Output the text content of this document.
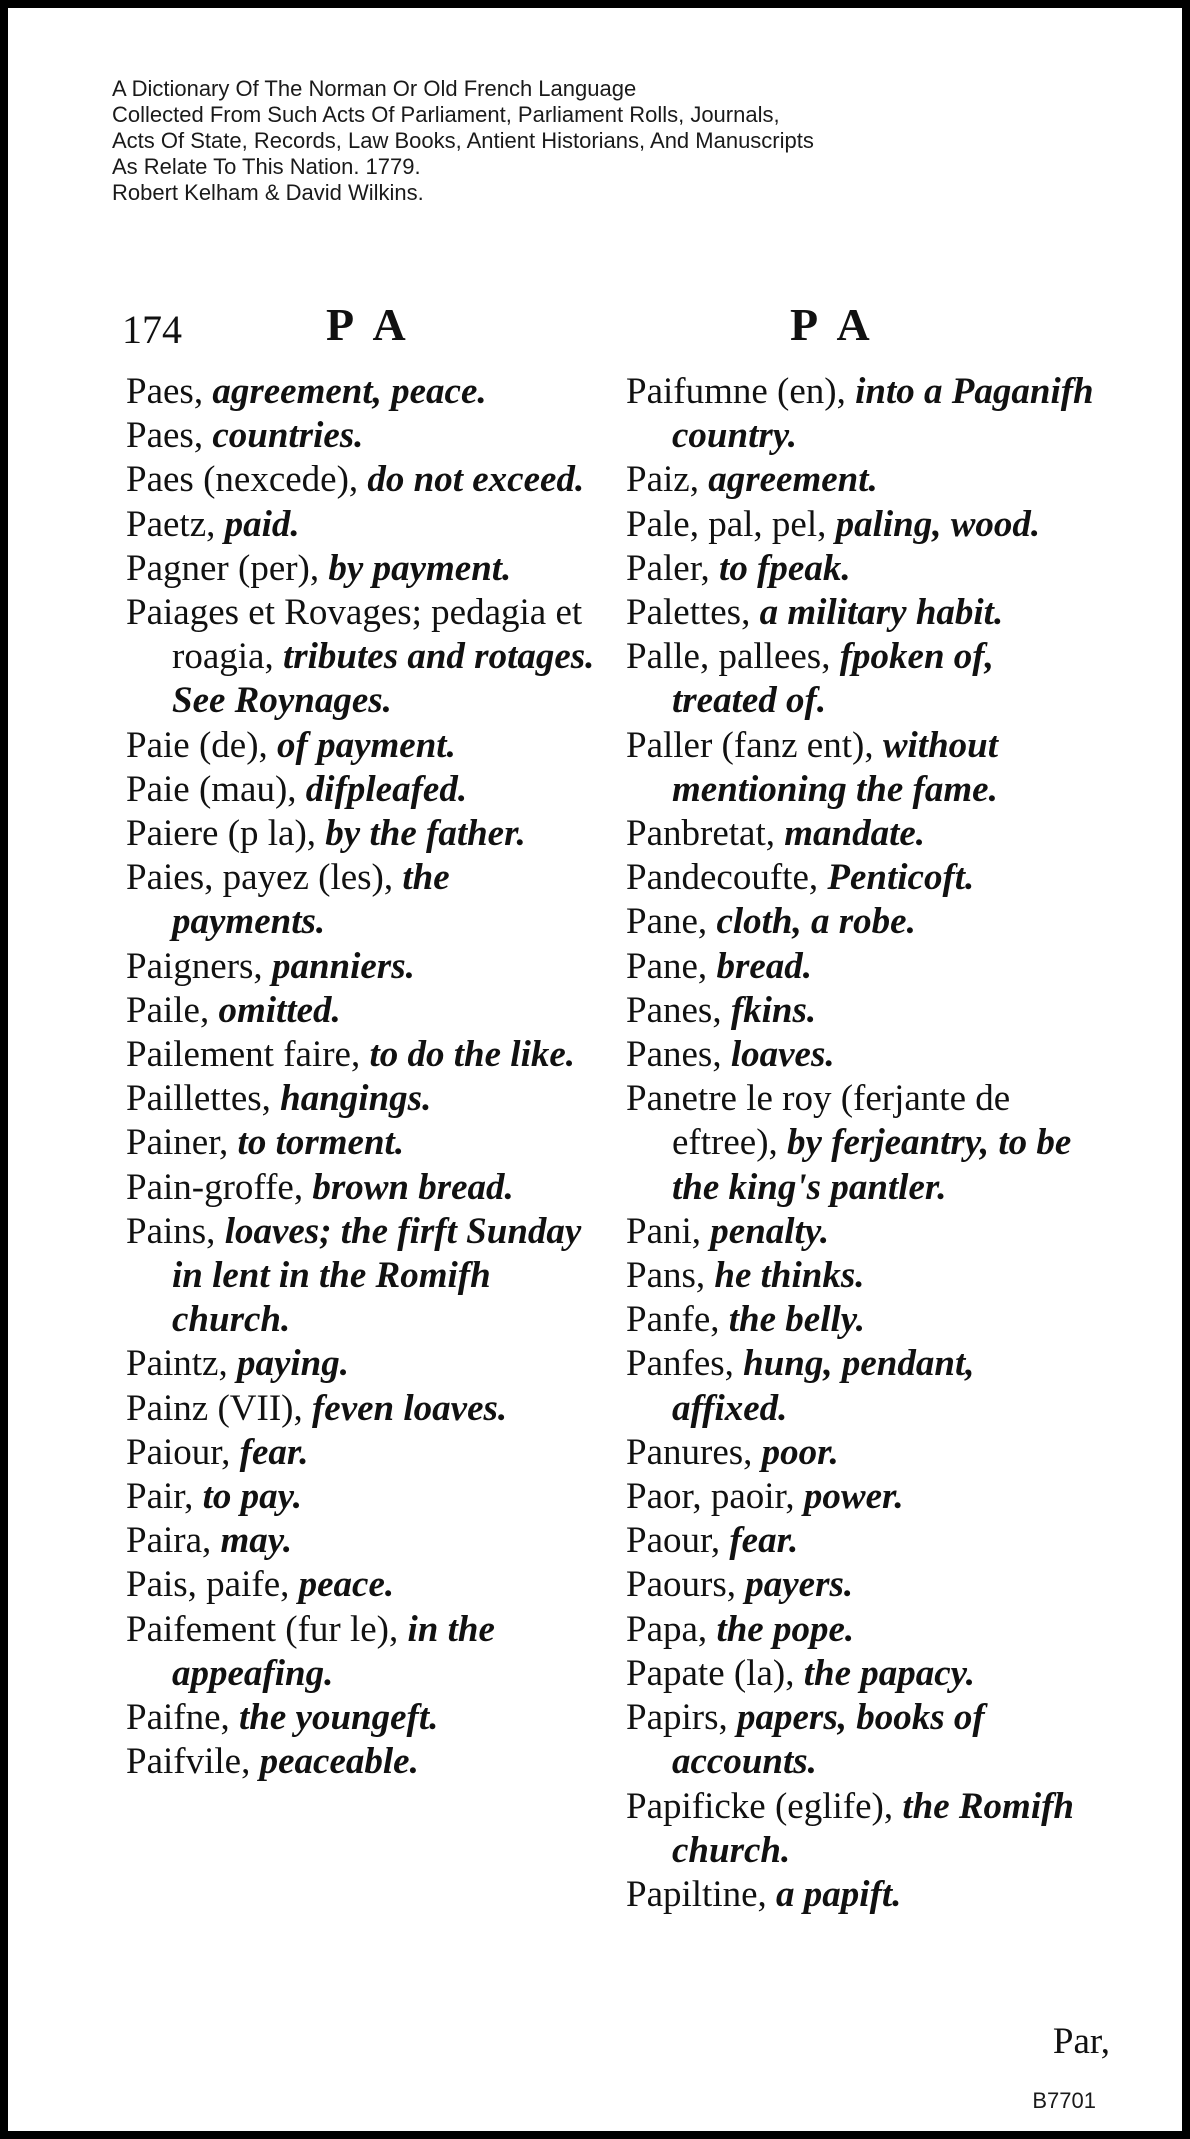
A Dictionary Of The Norman Or Old French Language
Collected From Such Acts Of Parliament, Parliament Rolls, Journals,
Acts Of State, Records, Law Books, Antient Historians, And Manuscripts
As Relate To This Nation. 1779.
Robert Kelham & David Wilkins.
174	P A	P A
Paes, agreement, peace.
Paes, countries.
Paes (nexcede), do not exceed.
Paetz, paid.
Pagner (per), by payment.
Paiages et Rovages; pedagia et roagia, tributes and rotages. See Roynages.
Paie (de), of payment.
Paie (mau), difpleafed.
Paiere (p la), by the father.
Paies, payez (les), the payments.
Paigners, panniers.
Paile, omitted.
Pailement faire, to do the like.
Paillettes, hangings.
Painer, to torment.
Pain-groffe, brown bread.
Pains, loaves; the firft Sunday in lent in the Romifh church.
Paintz, paying.
Painz (VII), feven loaves.
Paiour, fear.
Pair, to pay.
Paira, may.
Pais, paife, peace.
Paifement (fur le), in the appeafing.
Paifne, the youngeft.
Paifvile, peaceable.
Paifumne (en), into a Paganifh country.
Paiz, agreement.
Pale, pal, pel, paling, wood.
Paler, to fpeak.
Palettes, a military habit.
Palle, pallees, fpoken of, treated of.
Paller (fanz ent), without mentioning the fame.
Panbretat, mandate.
Pandecoufte, Penticoft.
Pane, cloth, a robe.
Pane, bread.
Panes, fkins.
Panes, loaves.
Panetre le roy (ferjante de eftree), by ferjeantry, to be the king's pantler.
Pani, penalty.
Pans, he thinks.
Panfe, the belly.
Panfes, hung, pendant, affixed.
Panures, poor.
Paor, paoir, power.
Paour, fear.
Paours, payers.
Papa, the pope.
Papate (la), the papacy.
Papirs, papers, books of accounts.
Papificke (eglife), the Romifh church.
Papiltine, a papift.
Par,
B7701
